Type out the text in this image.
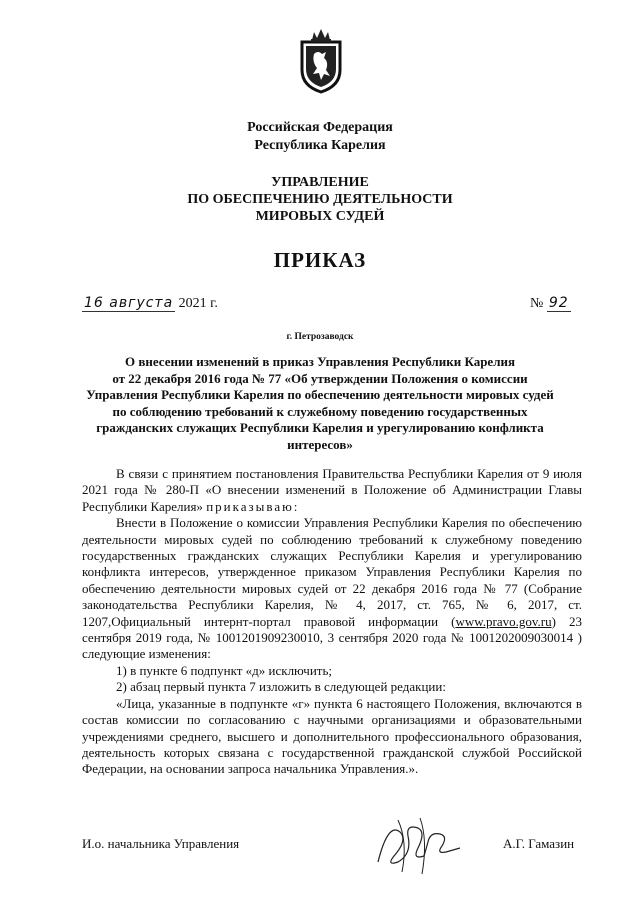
Российская Федерация
Республика Карелия
УПРАВЛЕНИЕ
ПО ОБЕСПЕЧЕНИЮ ДЕЯТЕЛЬНОСТИ
МИРОВЫХ СУДЕЙ
ПРИКАЗ
16 августа 2021 г.	№ 92
г. Петрозаводск
О внесении изменений в приказ Управления Республики Карелия
от 22 декабря 2016 года № 77 «Об утверждении Положения о комиссии
Управления Республики Карелия по обеспечению деятельности мировых судей
по соблюдению требований к служебному поведению государственных
гражданских служащих Республики Карелия и урегулированию конфликта
интересов»

В связи с принятием постановления Правительства Республики Карелия от 9 июля 2021 года № 280-П «О внесении изменений в Положение об Администрации Главы Республики Карелия» приказываю:

Внести в Положение о комиссии Управления Республики Карелия по обеспечению деятельности мировых судей по соблюдению требований к служебному поведению государственных гражданских служащих Республики Карелия и урегулированию конфликта интересов, утвержденное приказом Управления Республики Карелия по обеспечению деятельности мировых судей от 22 декабря 2016 года № 77 (Собрание законодательства Республики Карелия, № 4, 2017, ст. 765, № 6, 2017, ст. 1207,Официальный интернт-портал правовой информации (www.pravo.gov.ru) 23 сентября 2019 года, № 1001201909230010, 3 сентября 2020 года № 1001202009030014 ) следующие изменения:

1) в пункте 6 подпункт «д» исключить;

2) абзац первый пункта 7 изложить в следующей редакции:

«Лица, указанные в подпункте «г» пункта 6 настоящего Положения, включаются в состав комиссии по согласованию с научными организациями и образовательными учреждениями среднего, высшего и дополнительного профессионального образования, деятельность которых связана с государственной гражданской службой Российской Федерации, на основании запроса начальника Управления.».

И.о. начальника Управления	А.Г. Гамазин
